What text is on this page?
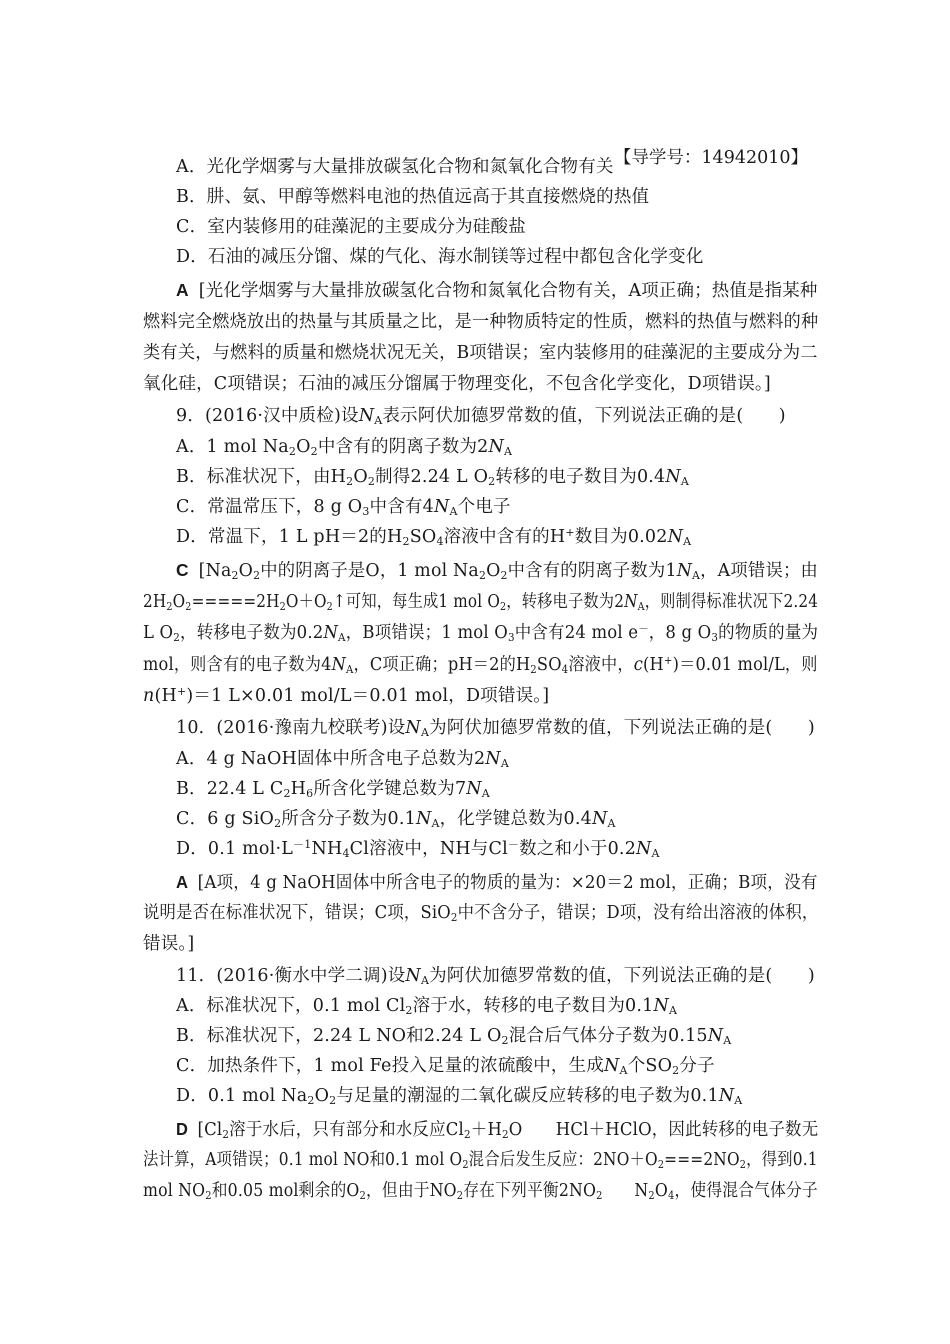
【导学号：14942010】
A．光化学烟雾与大量排放碳氢化合物和氮氧化合物有关
B．肼、氨、甲醇等燃料电池的热值远高于其直接燃烧的热值
C．室内装修用的硅藻泥的主要成分为硅酸盐
D．石油的减压分馏、煤的气化、海水制镁等过程中都包含化学变化
A [光化学烟雾与大量排放碳氢化合物和氮氧化合物有关，A项正确；热值是指某种
燃料完全燃烧放出的热量与其质量之比，是一种物质特定的性质，燃料的热值与燃料的种
类有关，与燃料的质量和燃烧状况无关，B项错误；室内装修用的硅藻泥的主要成分为二
氧化硅，C项错误；石油的减压分馏属于物理变化，不包含化学变化，D项错误。]
9．(2016·汉中质检)设$N_A$表示阿伏加德罗常数的值，下列说法正确的是(　　)
A．1 mol $Na_2O_2$中含有的阴离子数为$2N_A$
B．标准状况下，由$H_2O_2$制得2.24 L $O_2$转移的电子数目为$0.4N_A$
C．常温常压下，8 g $O_3$中含有$4N_A$个电子
D．常温下，1 L pH＝2的$H_2SO_4$溶液中含有的H+数目为$0.02N_A$
C [$Na_2O_2$中的阴离子是O，1 mol $Na_2O_2$中含有的阴离子数为$1N_A$，A项错误；由
$2H_2O_2=====2H_2O+O_2↑$可知，每生成1 mol $O_2$，转移电子数为$2N_A$，则制得标准状况下2.24
L $O_2$，转移电子数为$0.2N_A$，B项错误；1 mol $O_3$中含有24 mol e－，8 g $O_3$的物质的量为
mol，则含有的电子数为$4N_A$，C项正确；pH＝2的$H_2SO_4$溶液中，c(H+)＝0.01 mol/L，则
n(H+)＝1 L×0.01 mol/L＝0.01 mol，D项错误。]
10．(2016·豫南九校联考)设$N_A$为阿伏加德罗常数的值，下列说法正确的是(　　)
A．4 g NaOH固体中所含电子总数为$2N_A$
B．22.4 L $C_2H_6$所含化学键总数为$7N_A$
C．6 g SiO$_2$所含分子数为$0.1N_A$，化学键总数为$0.4N_A$
D．0.1 $mol\cdot L^{-1}NH_4Cl$溶液中，NH与Cl－数之和小于$0.2N_A$
A [A项，4 g NaOH固体中所含电子的物质的量为：×20＝2 mol，正确；B项，没有
说明是否在标准状况下，错误；C项，SiO$_2$中不含分子，错误；D项，没有给出溶液的体积，
错误。]
11．(2016·衡水中学二调)设$N_A$为阿伏加德罗常数的值，下列说法正确的是(　　)
A．标准状况下，0.1 mol $Cl_2$溶于水，转移的电子数目为$0.1N_A$
B．标准状况下，2.24 L NO和2.24 L $O_2$混合后气体分子数为$0.15N_A$
C．加热条件下，1 mol Fe投入足量的浓硫酸中，生成$N_A$个$SO_2$分子
D．0.1 mol $Na_2O_2$与足量的潮湿的二氧化碳反应转移的电子数为$0.1N_A$
D [$Cl_2$溶于水后，只有部分和水反应$Cl_2+H_2O$　　HCl＋HClO，因此转移的电子数无
法计算，A项错误；0.1 mol NO和0.1 mol $O_2$混合后发生反应：$2NO+O_2===2NO_2$，得到0.1
mol $NO_2$和0.05 mol剩余的$O_2$，但由于$NO_2$存在下列平衡$2NO_2$　　$N_2O_4$，使得混合气体分子
